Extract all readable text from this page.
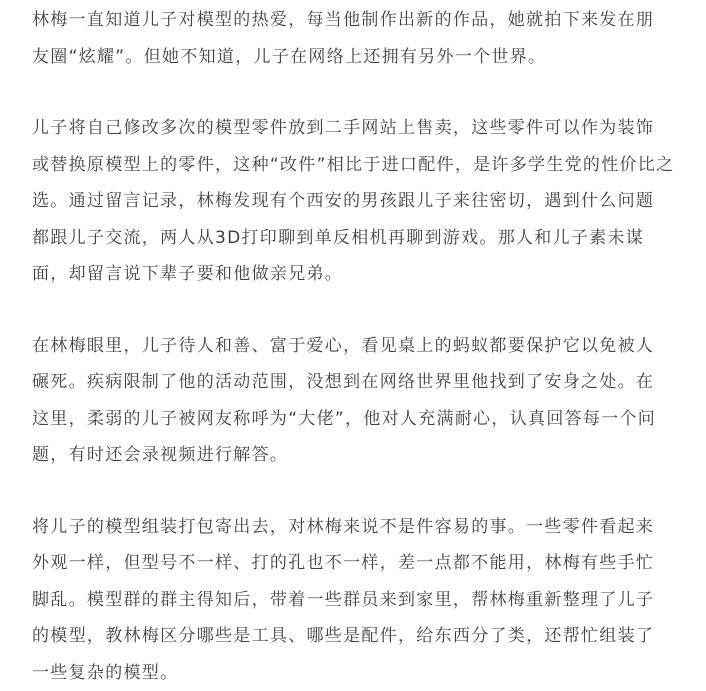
林梅一直知道儿子对模型的热爱，每当他制作出新的作品，她就拍下来发在朋
友圈“炫耀”。但她不知道，儿子在网络上还拥有另外一个世界。

儿子将自己修改多次的模型零件放到二手网站上售卖，这些零件可以作为装饰
或替换原模型上的零件，这种“改件”相比于进口配件，是许多学生党的性价比之
选。通过留言记录，林梅发现有个西安的男孩跟儿子来往密切，遇到什么问题
都跟儿子交流，两人从3D打印聊到单反相机再聊到游戏。那人和儿子素未谋
面，却留言说下辈子要和他做亲兄弟。

在林梅眼里，儿子待人和善、富于爱心，看见桌上的蚂蚁都要保护它以免被人
碾死。疾病限制了他的活动范围，没想到在网络世界里他找到了安身之处。在
这里，柔弱的儿子被网友称呼为“大佬”，他对人充满耐心，认真回答每一个问
题，有时还会录视频进行解答。

将儿子的模型组装打包寄出去，对林梅来说不是件容易的事。一些零件看起来
外观一样，但型号不一样、打的孔也不一样，差一点都不能用，林梅有些手忙
脚乱。模型群的群主得知后，带着一些群员来到家里，帮林梅重新整理了儿子
的模型，教林梅区分哪些是工具、哪些是配件，给东西分了类，还帮忙组装了
一些复杂的模型。
